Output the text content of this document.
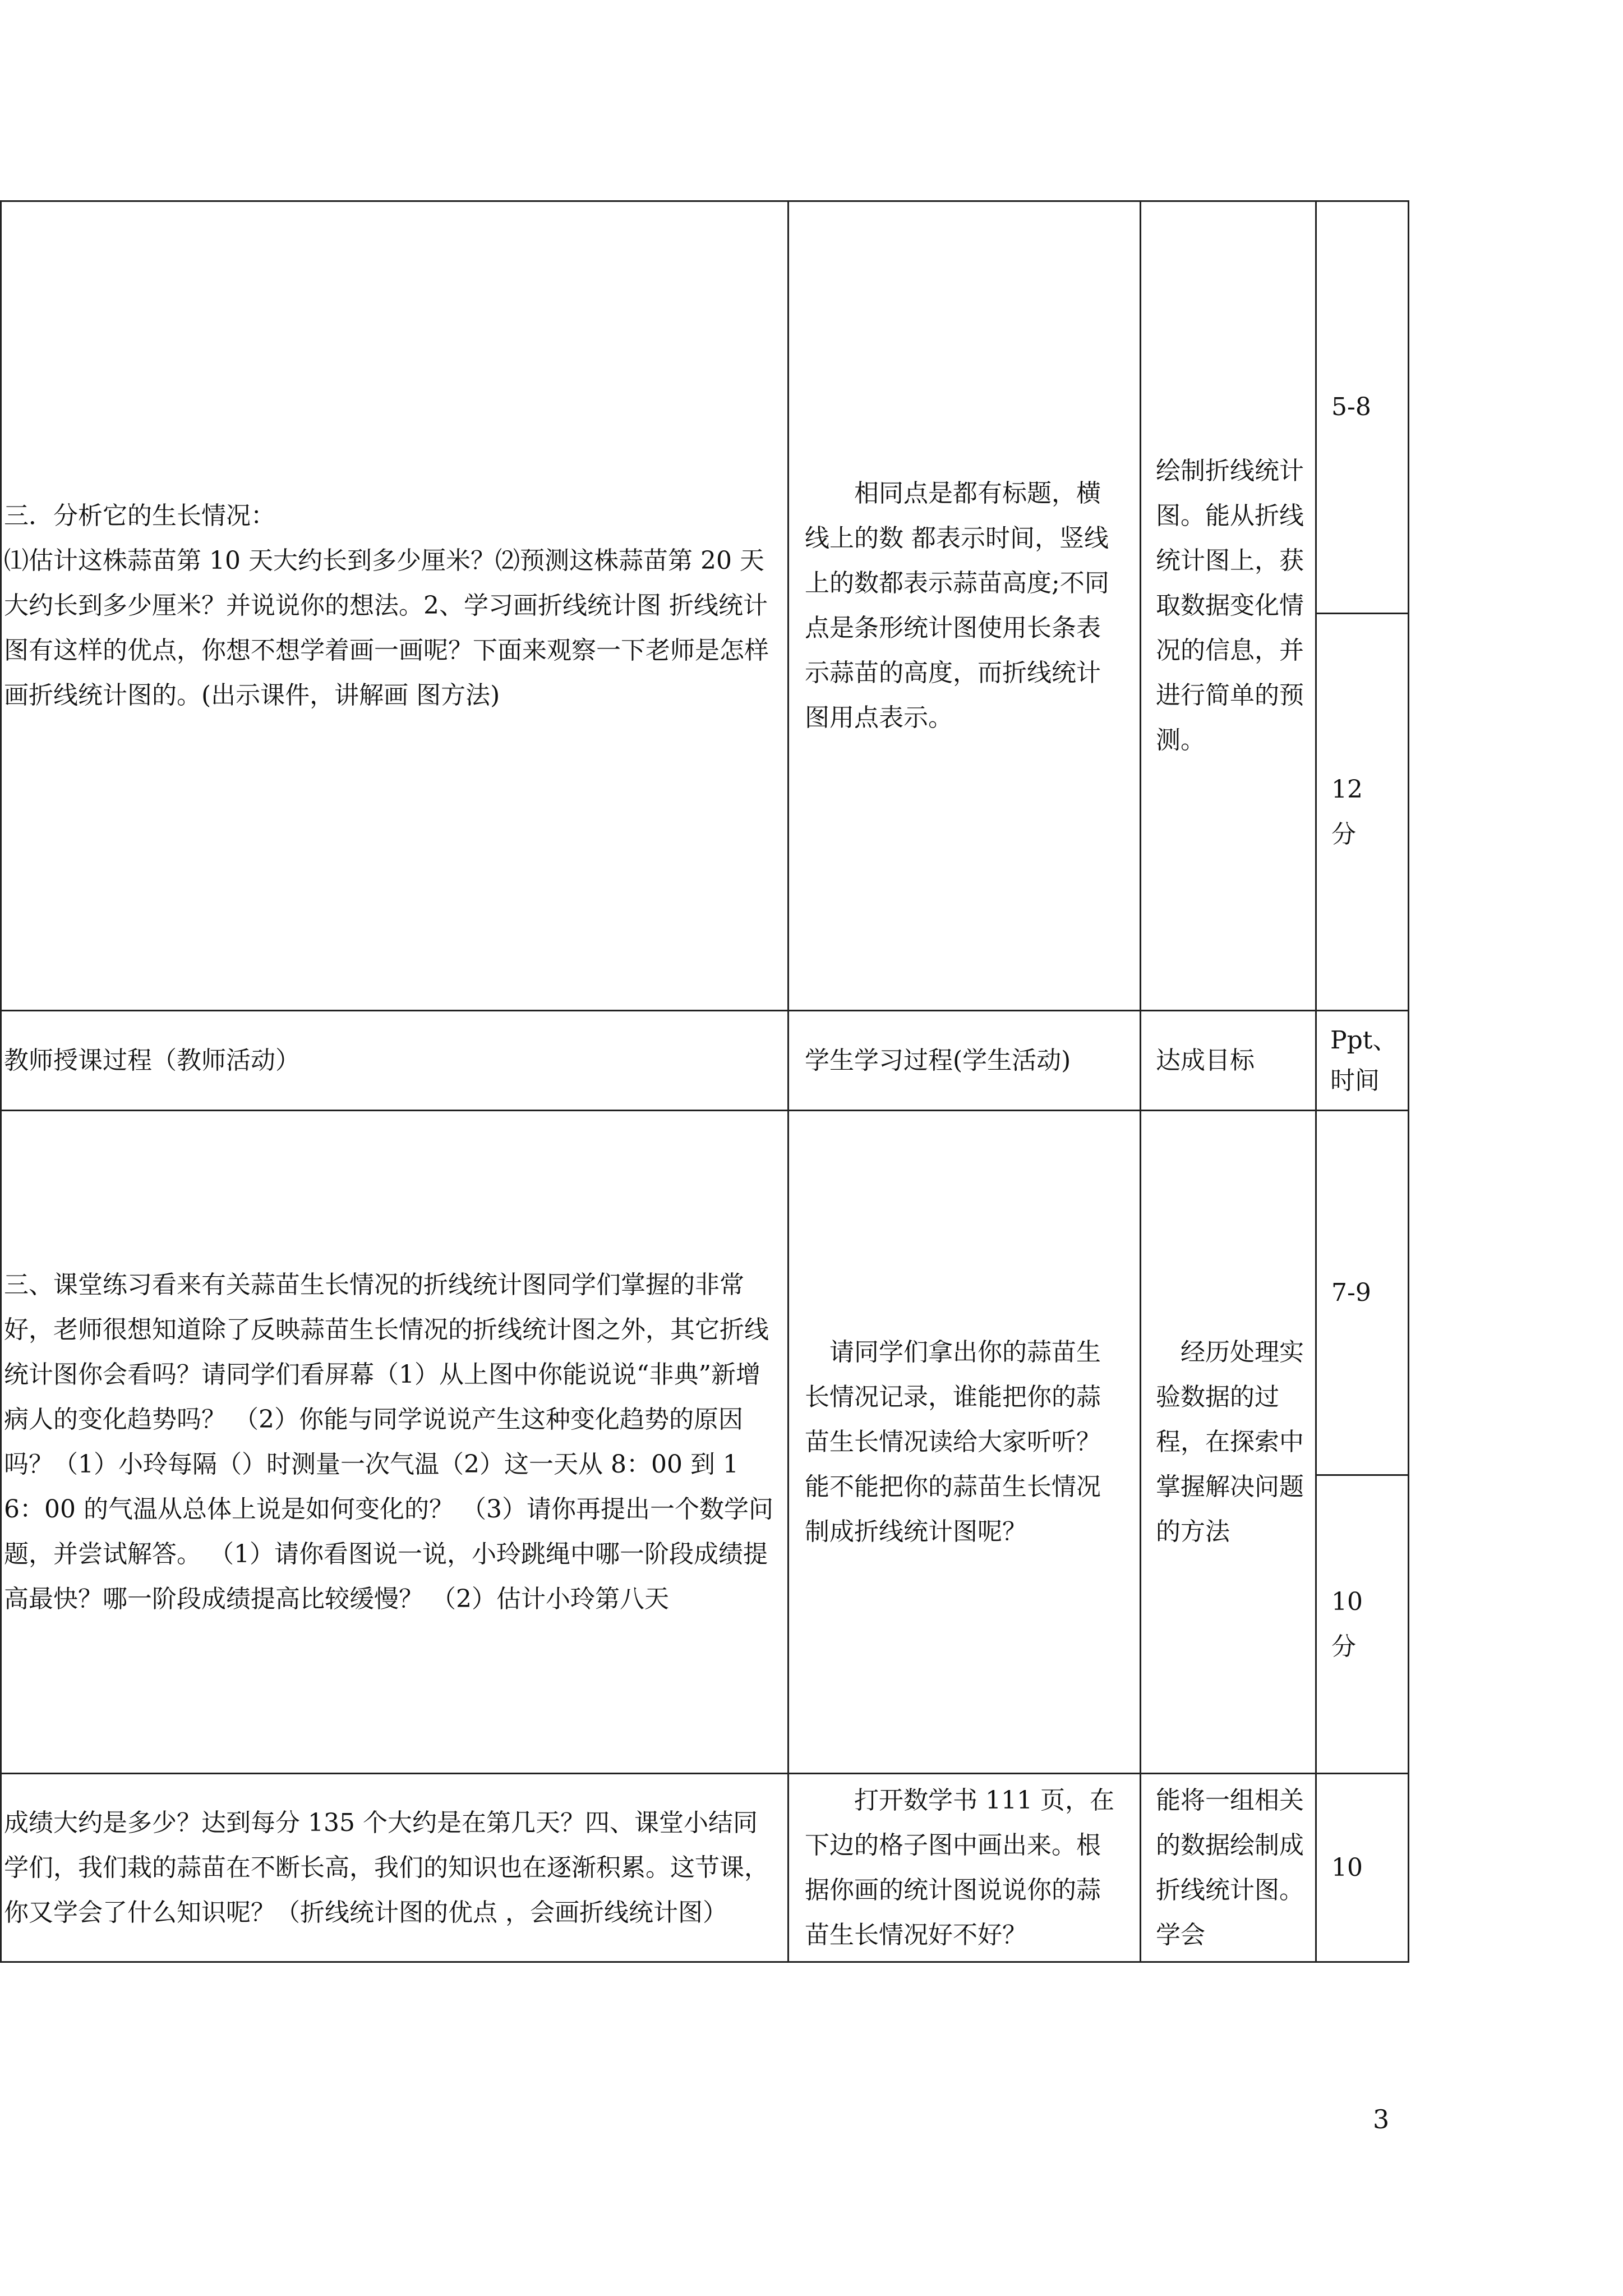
三．分析它的生长情况：
⑴估计这株蒜苗第 10 天大约长到多少厘米？⑵预测这株蒜苗第 20 天大约长到多少厘米？并说说你的想法。2、学习画折线统计图 折线统计图有这样的优点，你想不想学着画一画呢？下面来观察一下老师是怎样画折线统计图的。(出示课件，讲解画 图方法)	相同点是都有标题，横线上的数 都表示时间，竖线上的数都表示蒜苗高度;不同点是条形统计图使用长条表示蒜苗的高度，而折线统计图用点表示。	绘制折线统计图。能从折线统计图上，获取数据变化情况的信息，并进行简单的预测。	5-8

			12
分

教师授课过程（教师活动）	学生学习过程(学生活动)	达成目标	Ppt、
时间

三、课堂练习看来有关蒜苗生长情况的折线统计图同学们掌握的非常好，老师很想知道除了反映蒜苗生长情况的折线统计图之外，其它折线统计图你会看吗？请同学们看屏幕（1）从上图中你能说说“非典”新增病人的变化趋势吗？ （2）你能与同学说说产生这种变化趋势的原因吗？（1）小玲每隔（）时测量一次气温（2）这一天从 8：00 到 16：00 的气温从总体上说是如何变化的？ （3）请你再提出一个数学问题，并尝试解答。 （1）请你看图说一说，小玲跳绳中哪一阶段成绩提高最快？哪一阶段成绩提高比较缓慢？ （2）估计小玲第八天	请同学们拿出你的蒜苗生长情况记录，谁能把你的蒜苗生长情况读给大家听听？能不能把你的蒜苗生长情况制成折线统计图呢？	经历处理实验数据的过程，在探索中掌握解决问题的方法	7-9

			10
分

成绩大约是多少？达到每分 135 个大约是在第几天？四、课堂小结同学们，我们栽的蒜苗在不断长高，我们的知识也在逐渐积累。这节课，你又学会了什么知识呢？（折线统计图的优点 ，会画折线统计图）	打开数学书 111 页，在下边的格子图中画出来。根据你画的统计图说说你的蒜苗生长情况好不好？	能将一组相关的数据绘制成折线统计图。学会	10
3
